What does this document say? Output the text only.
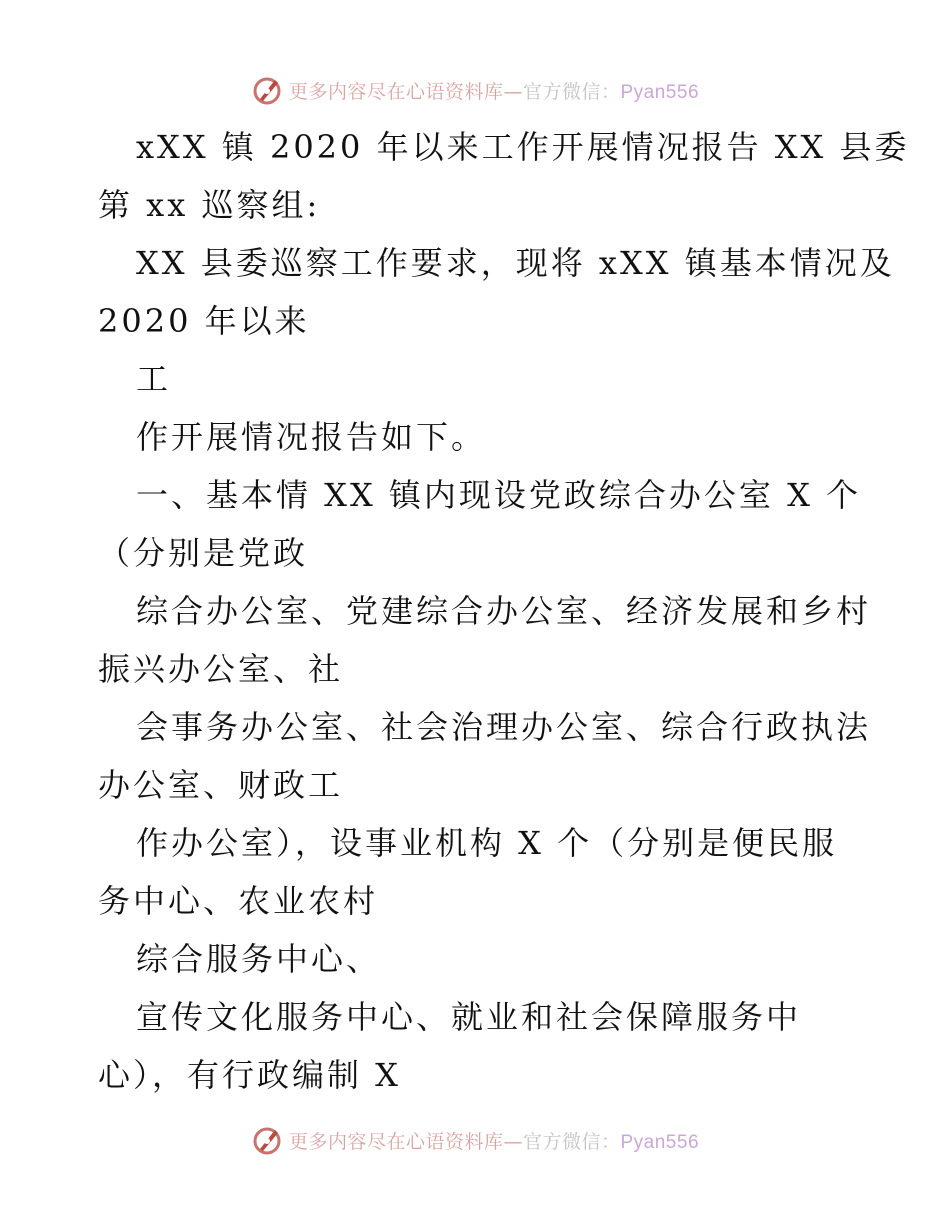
更多内容尽在心语资料库—官方微信：Pyan556
xXX 镇 2020 年以来工作开展情况报告 XX 县委
第 xx 巡察组:
XX 县委巡察工作要求，现将 xXX 镇基本情况及
2020 年以来
工
作开展情况报告如下。
一、基本情 XX 镇内现设党政综合办公室 X 个
（分别是党政
综合办公室、党建综合办公室、经济发展和乡村
振兴办公室、社
会事务办公室、社会治理办公室、综合行政执法
办公室、财政工
作办公室），设事业机构 X 个（分别是便民服
务中心、农业农村
综合服务中心、
宣传文化服务中心、就业和社会保障服务中
心），有行政编制 X
更多内容尽在心语资料库—官方微信：Pyan556
